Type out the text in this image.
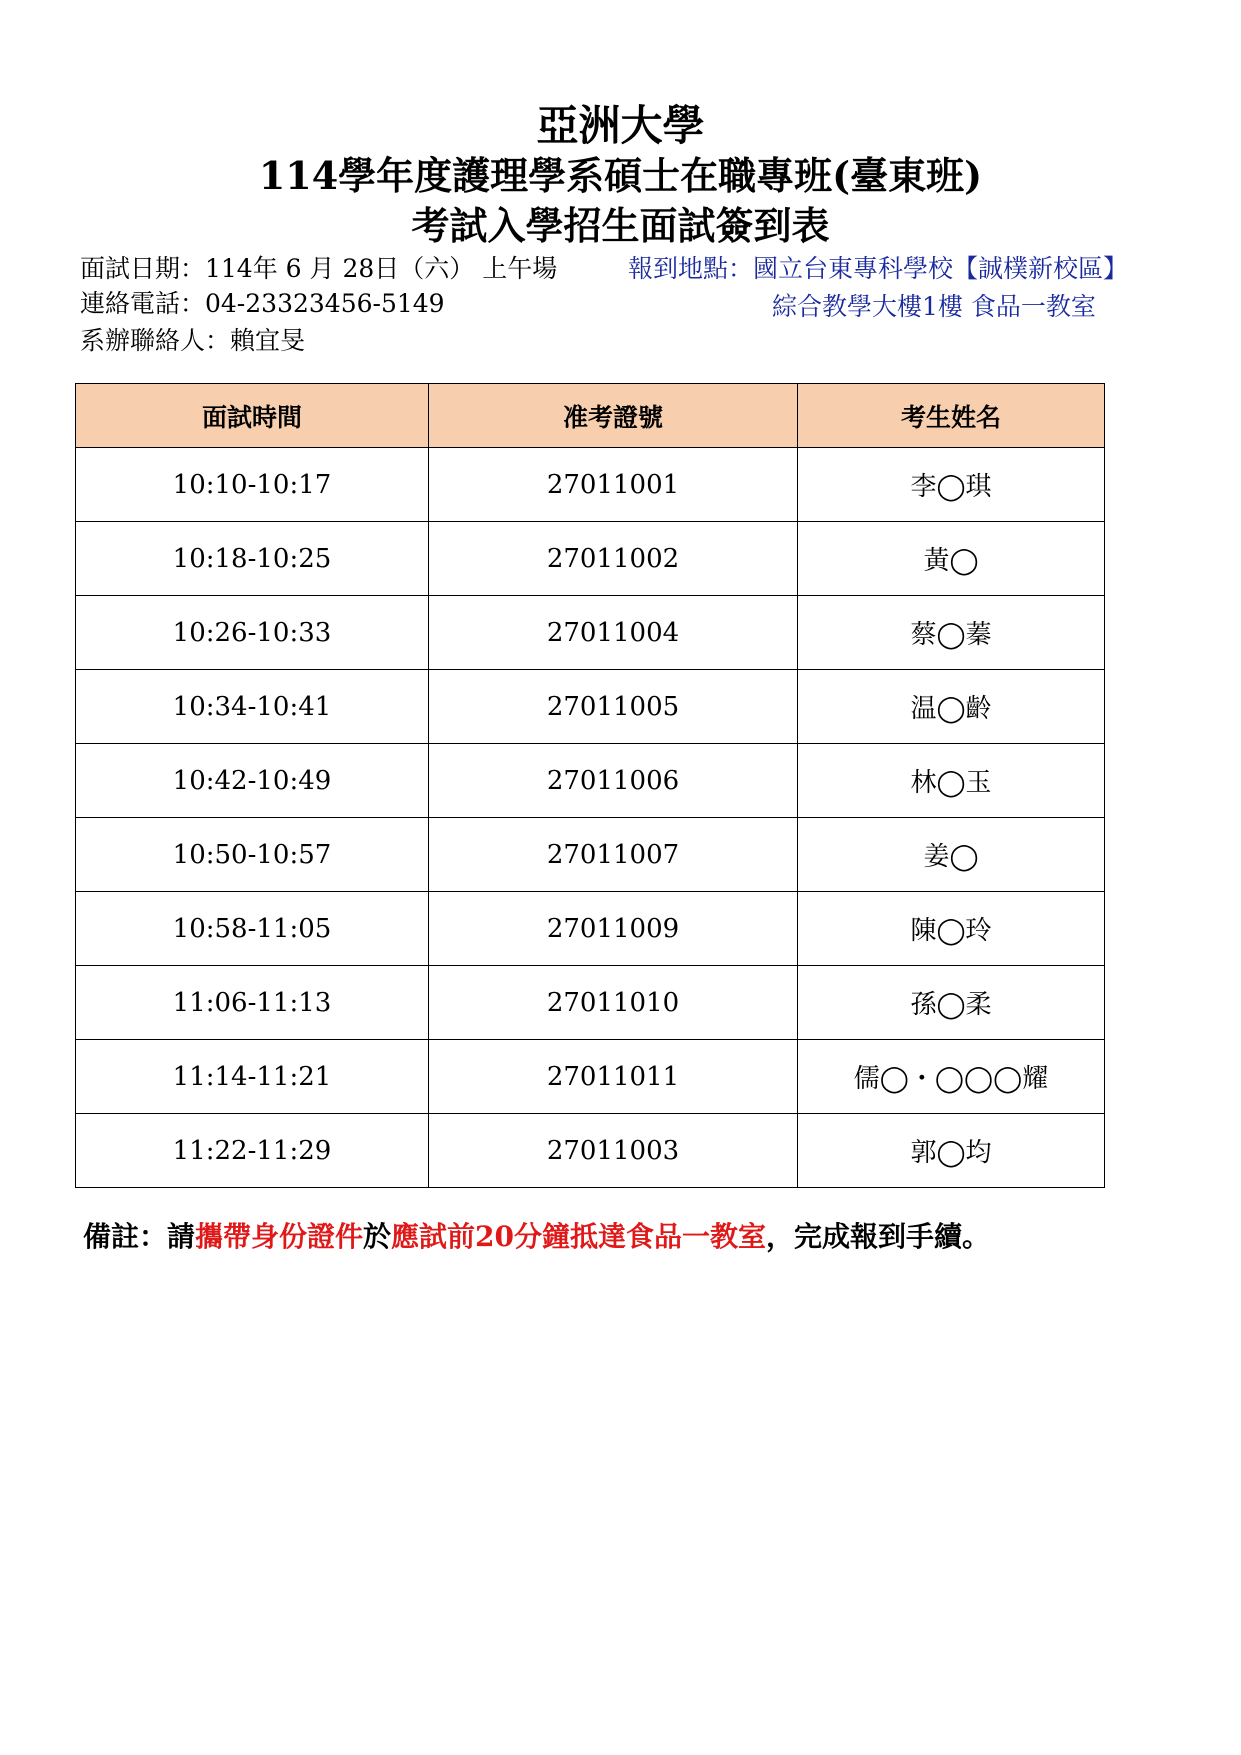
亞洲大學
114學年度護理學系碩士在職專班(臺東班)
考試入學招生面試簽到表
面試日期：114年 6 月 28日（六） 上午場
連絡電話：04-23323456-5149
系辦聯絡人：賴宜旻
報到地點：國立台東專科學校【誠樸新校區】
綜合教學大樓1樓 食品一教室
面試時間	准考證號	考生姓名
10:10-10:17	27011001	李◯琪
10:18-10:25	27011002	黃◯
10:26-10:33	27011004	蔡◯蓁
10:34-10:41	27011005	温◯齡
10:42-10:49	27011006	林◯玉
10:50-10:57	27011007	姜◯
10:58-11:05	27011009	陳◯玲
11:06-11:13	27011010	孫◯柔
11:14-11:21	27011011	儒◯・◯◯◯耀
11:22-11:29	27011003	郭◯均
備註：請攜帶身份證件於應試前20分鐘抵達食品一教室，完成報到手續。
